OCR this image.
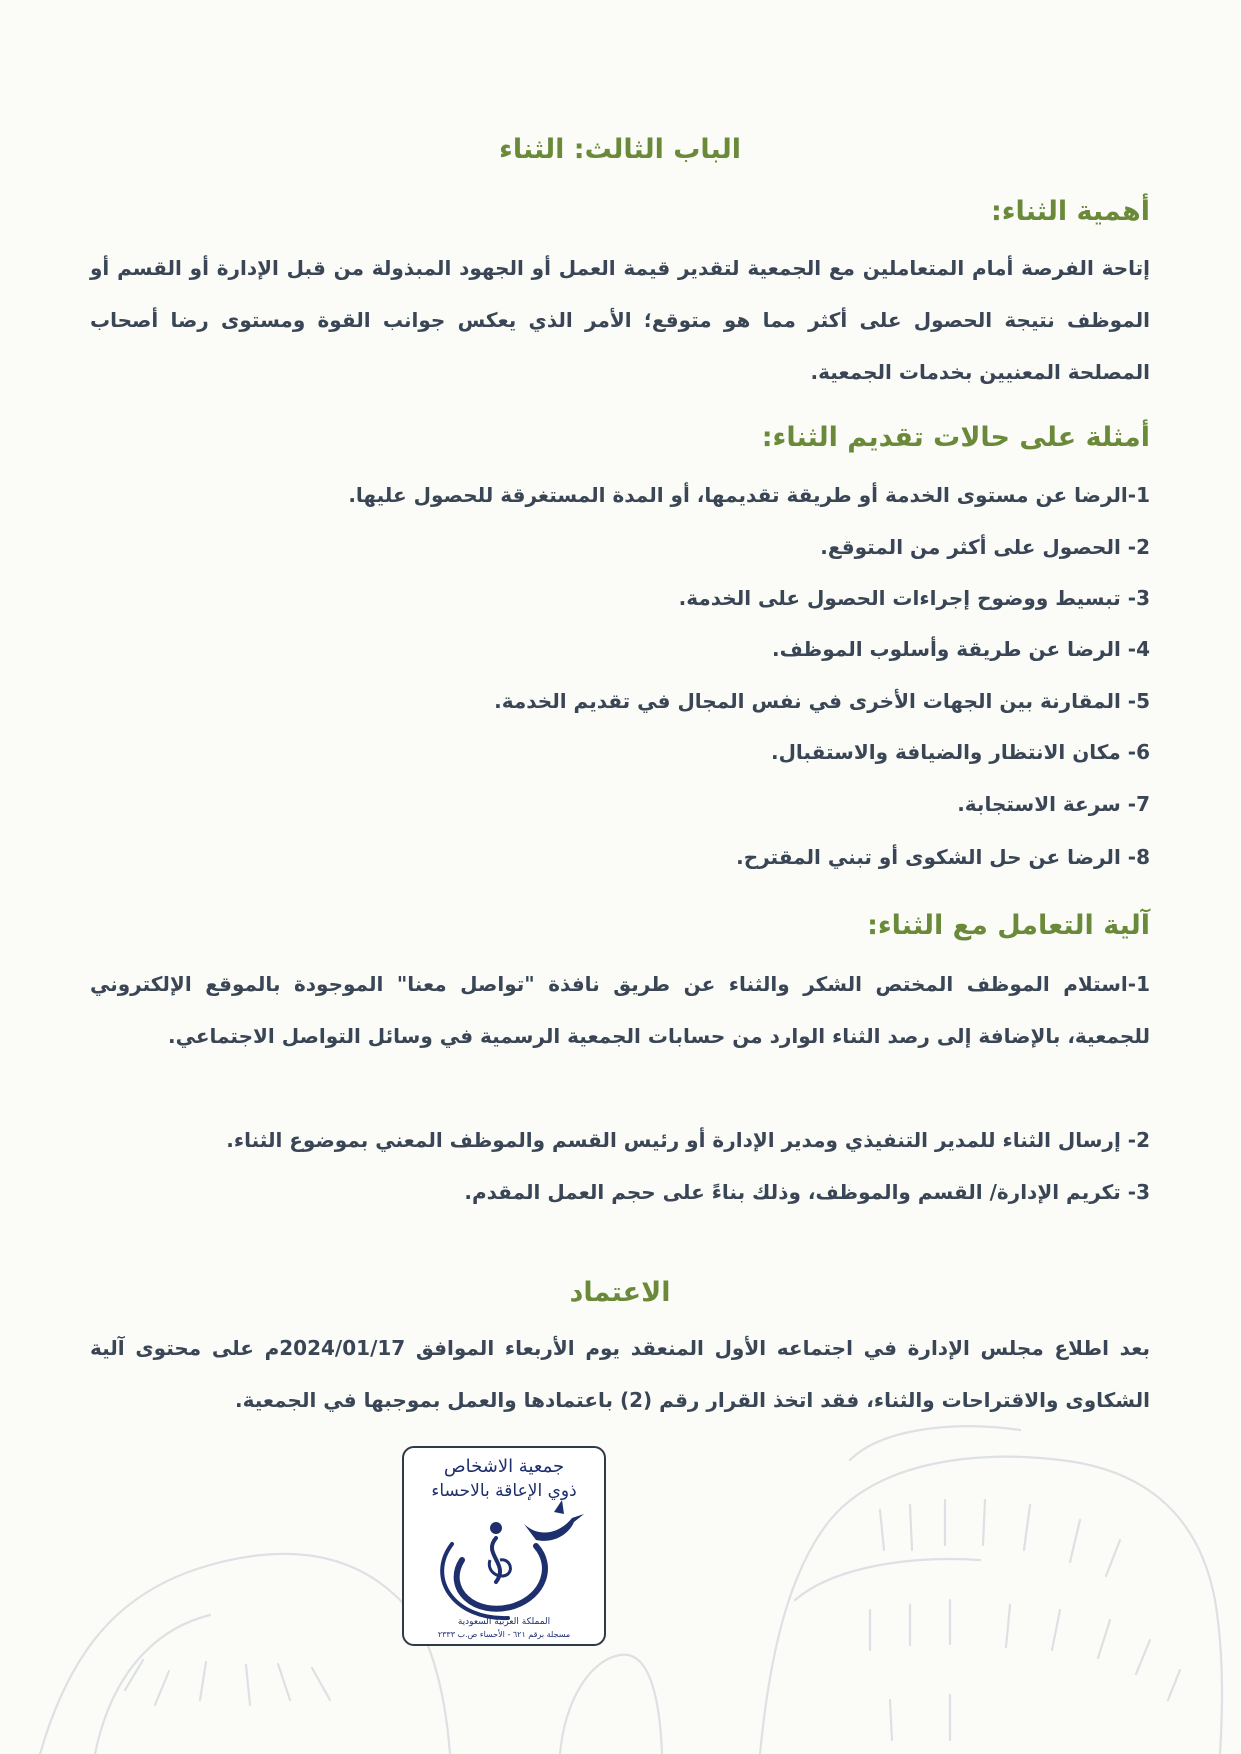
الباب الثالث: الثناء
أهمية الثناء:
إتاحة الفرصة أمام المتعاملين مع الجمعية لتقدير قيمة العمل أو الجهود المبذولة من قبل الإدارة أو القسم أو الموظف نتيجة الحصول على أكثر مما هو متوقع؛ الأمر الذي يعكس جوانب القوة ومستوى رضا أصحاب المصلحة المعنيين بخدمات الجمعية.
أمثلة على حالات تقديم الثناء:
1-الرضا عن مستوى الخدمة أو طريقة تقديمها، أو المدة المستغرقة للحصول عليها.
2- الحصول على أكثر من المتوقع.
3- تبسيط ووضوح إجراءات الحصول على الخدمة.
4- الرضا عن طريقة وأسلوب الموظف.
5- المقارنة بين الجهات الأخرى في نفس المجال في تقديم الخدمة.
6- مكان الانتظار والضيافة والاستقبال.
7- سرعة الاستجابة.
8- الرضا عن حل الشكوى أو تبني المقترح.
آلية التعامل مع الثناء:
1-استلام الموظف المختص الشكر والثناء عن طريق نافذة "تواصل معنا" الموجودة بالموقع الإلكتروني للجمعية، بالإضافة إلى رصد الثناء الوارد من حسابات الجمعية الرسمية في وسائل التواصل الاجتماعي.
2- إرسال الثناء للمدير التنفيذي ومدير الإدارة أو رئيس القسم والموظف المعني بموضوع الثناء.
3- تكريم الإدارة/ القسم والموظف، وذلك بناءً على حجم العمل المقدم.
الاعتماد
بعد اطلاع مجلس الإدارة في اجتماعه الأول المنعقد يوم الأربعاء الموافق 2024/01/17م على محتوى آلية الشكاوى والاقتراحات والثناء، فقد اتخذ القرار رقم (2) باعتمادها والعمل بموجبها في الجمعية.
جمعية الاشخاص
ذوي الإعاقة بالاحساء
المملكة العربية السعودية
مسجلة برقم ٦٢١ - الأحساء ص.ب ٢٣٣٣
